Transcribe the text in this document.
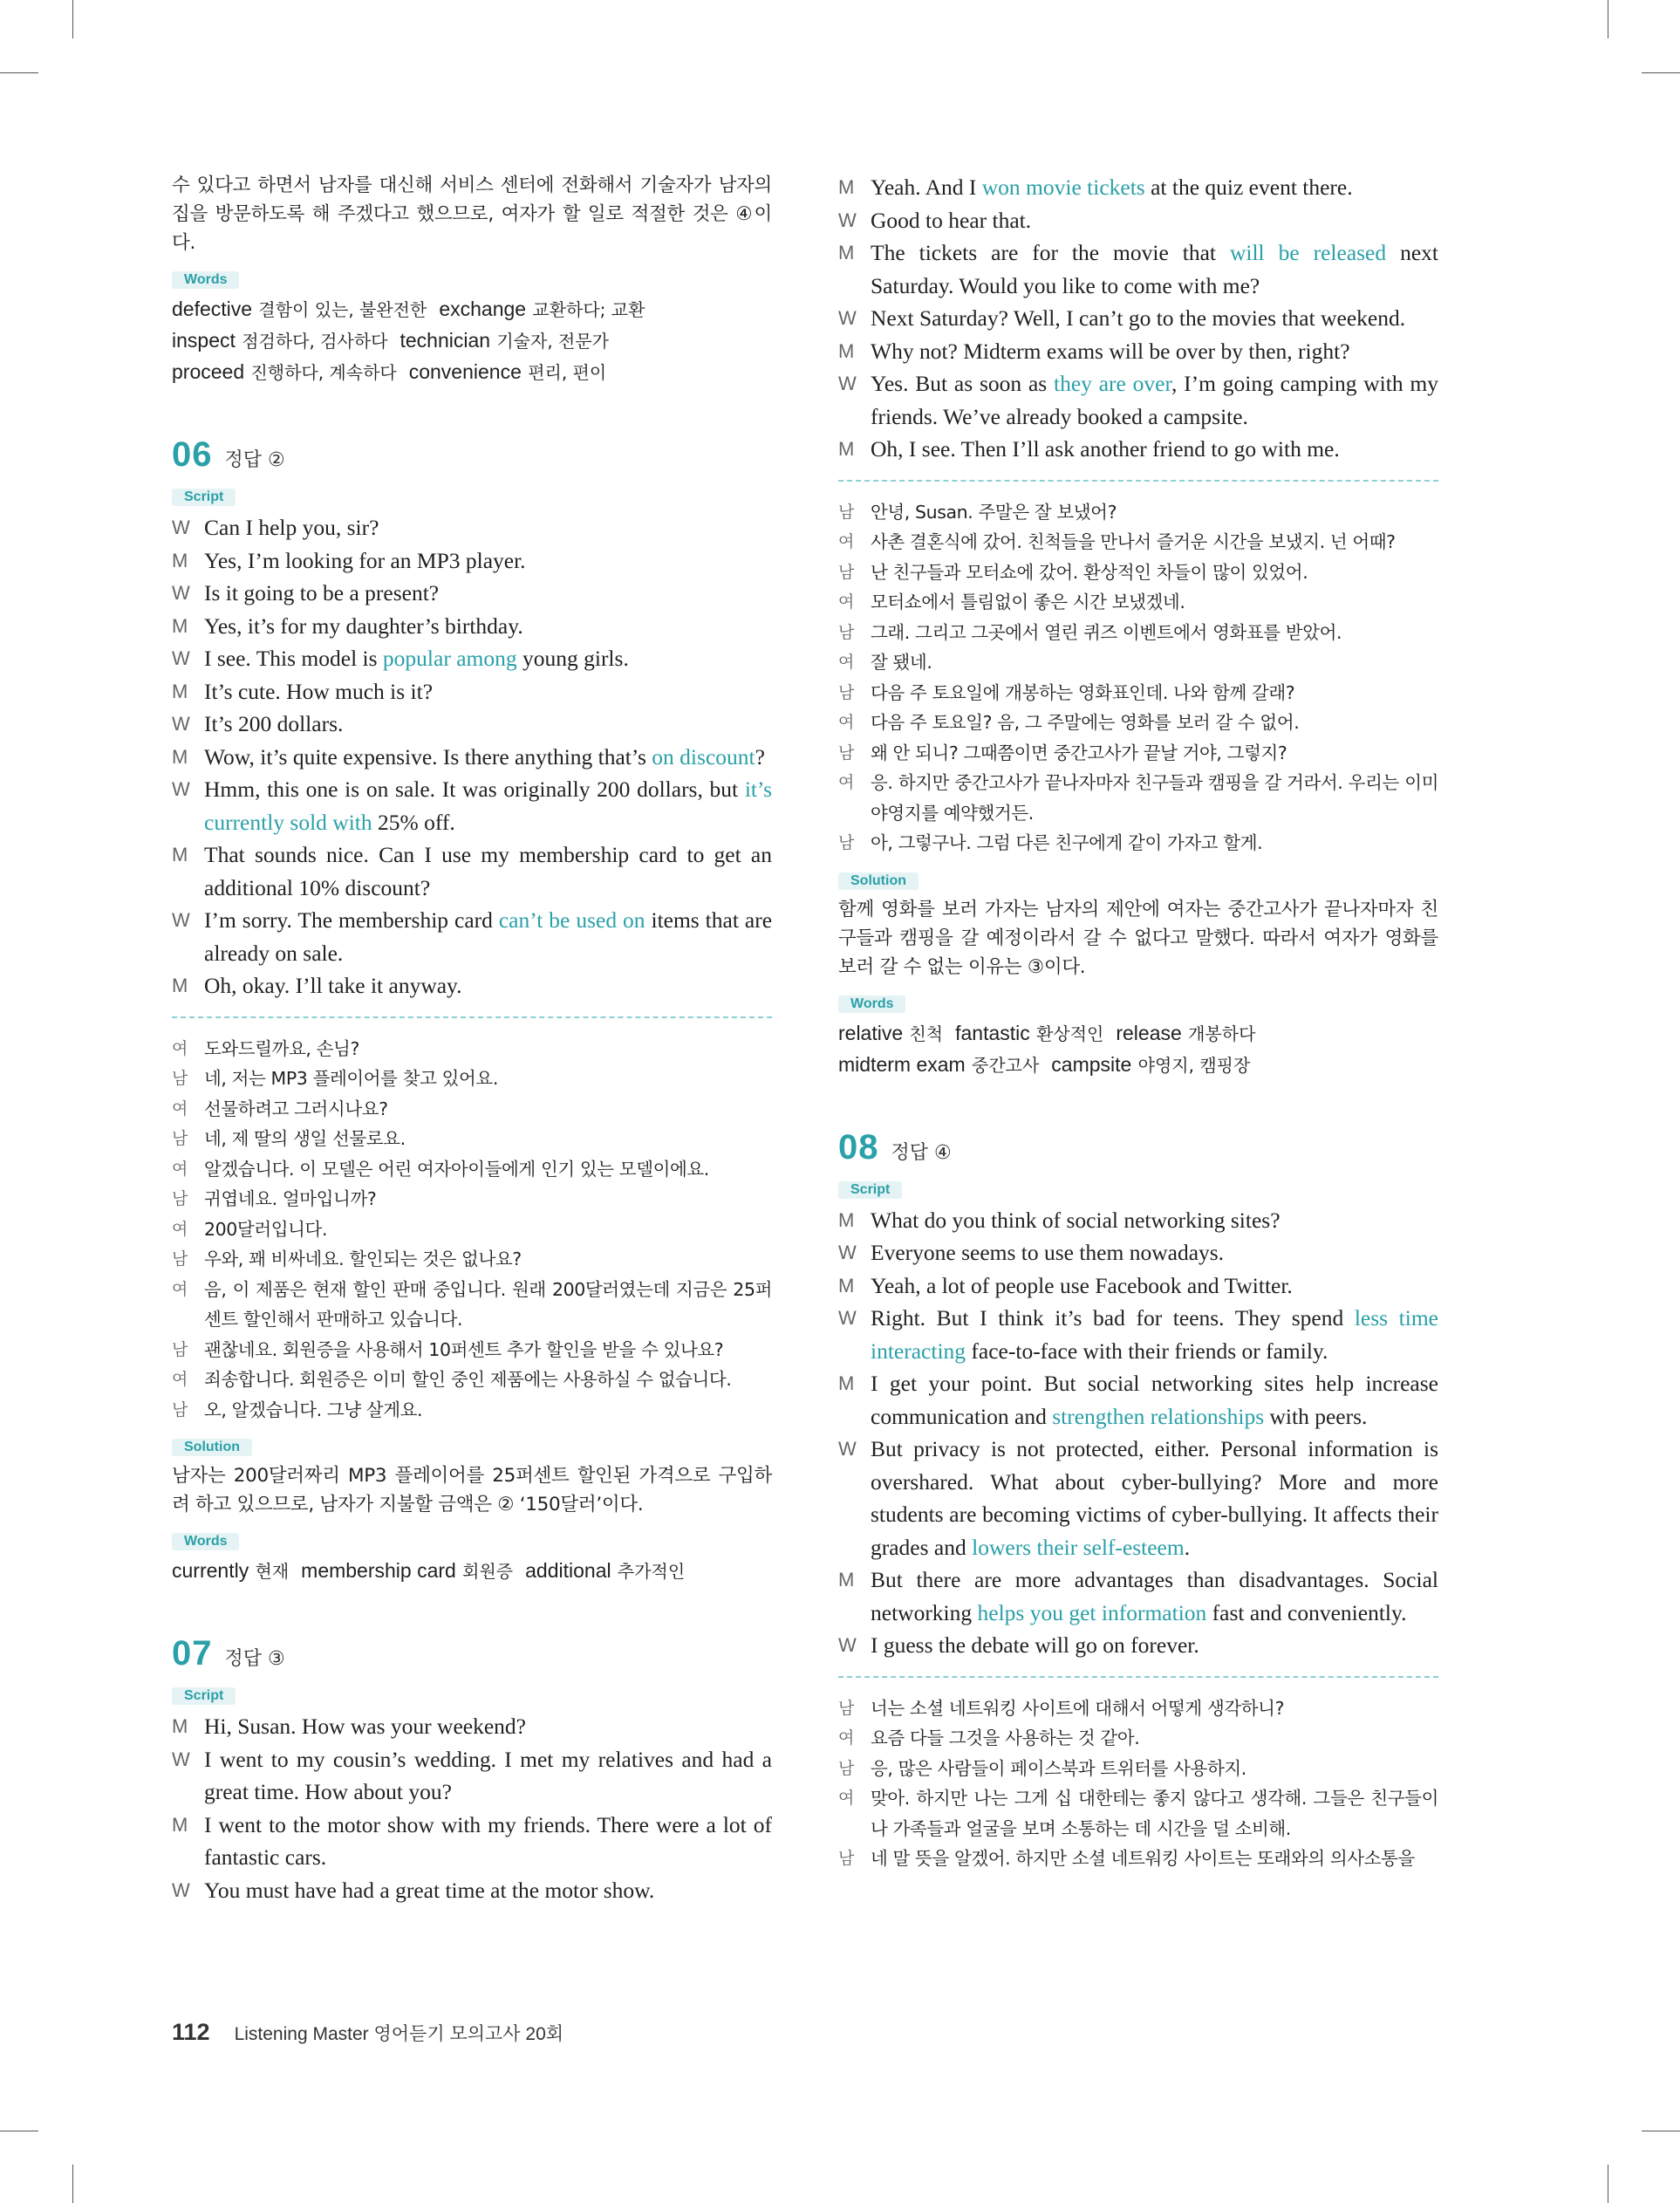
수 있다고 하면서 남자를 대신해 서비스 센터에 전화해서 기술자가 남자의 집을 방문하도록 해 주겠다고 했으므로, 여자가 할 일로 적절한 것은 ④이다.

Words
defective 결함이 있는, 불완전한 exchange 교환하다; 교환
inspect 점검하다, 검사하다 technician 기술자, 전문가
proceed 진행하다, 계속하다 convenience 편리, 편이
06 정답 ②
Script
W Can I help you, sir?
M Yes, I’m looking for an MP3 player.
W Is it going to be a present?
M Yes, it’s for my daughter’s birthday.
W I see. This model is popular among young girls.
M It’s cute. How much is it?
W It’s 200 dollars.
M Wow, it’s quite expensive. Is there anything that’s on discount?
W Hmm, this one is on sale. It was originally 200 dollars, but it’s currently sold with 25% off.
M That sounds nice. Can I use my membership card to get an additional 10% discount?
W I’m sorry. The membership card can’t be used on items that are already on sale.
M Oh, okay. I’ll take it anyway.
여 도와드릴까요, 손님?
남 네, 저는 MP3 플레이어를 찾고 있어요.
여 선물하려고 그러시나요?
남 네, 제 딸의 생일 선물로요.
여 알겠습니다. 이 모델은 어린 여자아이들에게 인기 있는 모델이에요.
남 귀엽네요. 얼마입니까?
여 200달러입니다.
남 우와, 꽤 비싸네요. 할인되는 것은 없나요?
여 음, 이 제품은 현재 할인 판매 중입니다. 원래 200달러였는데 지금은 25퍼센트 할인해서 판매하고 있습니다.
남 괜찮네요. 회원증을 사용해서 10퍼센트 추가 할인을 받을 수 있나요?
여 죄송합니다. 회원증은 이미 할인 중인 제품에는 사용하실 수 없습니다.
남 오, 알겠습니다. 그냥 살게요.
Solution

남자는 200달러짜리 MP3 플레이어를 25퍼센트 할인된 가격으로 구입하려 하고 있으므로, 남자가 지불할 금액은 ② ‘150달러’이다.

Words
currently 현재 membership card 회원증 additional 추가적인
07 정답 ③
Script
M Hi, Susan. How was your weekend?
W I went to my cousin’s wedding. I met my relatives and had a great time. How about you?
M I went to the motor show with my friends. There were a lot of fantastic cars.
W You must have had a great time at the motor show.
M Yeah. And I won movie tickets at the quiz event there.
W Good to hear that.
M The tickets are for the movie that will be released next Saturday. Would you like to come with me?
W Next Saturday? Well, I can’t go to the movies that weekend.
M Why not? Midterm exams will be over by then, right?
W Yes. But as soon as they are over, I’m going camping with my friends. We’ve already booked a campsite.
M Oh, I see. Then I’ll ask another friend to go with me.
남 안녕, Susan. 주말은 잘 보냈어?
여 사촌 결혼식에 갔어. 친척들을 만나서 즐거운 시간을 보냈지. 넌 어때?
남 난 친구들과 모터쇼에 갔어. 환상적인 차들이 많이 있었어.
여 모터쇼에서 틀림없이 좋은 시간 보냈겠네.
남 그래. 그리고 그곳에서 열린 퀴즈 이벤트에서 영화표를 받았어.
여 잘 됐네.
남 다음 주 토요일에 개봉하는 영화표인데. 나와 함께 갈래?
여 다음 주 토요일? 음, 그 주말에는 영화를 보러 갈 수 없어.
남 왜 안 되니? 그때쯤이면 중간고사가 끝날 거야, 그렇지?
여 응. 하지만 중간고사가 끝나자마자 친구들과 캠핑을 갈 거라서. 우리는 이미 야영지를 예약했거든.
남 아, 그렇구나. 그럼 다른 친구에게 같이 가자고 할게.
Solution

함께 영화를 보러 가자는 남자의 제안에 여자는 중간고사가 끝나자마자 친구들과 캠핑을 갈 예정이라서 갈 수 없다고 말했다. 따라서 여자가 영화를 보러 갈 수 없는 이유는 ③이다.

Words
relative 친척 fantastic 환상적인 release 개봉하다
midterm exam 중간고사 campsite 야영지, 캠핑장
08 정답 ④
Script
M What do you think of social networking sites?
W Everyone seems to use them nowadays.
M Yeah, a lot of people use Facebook and Twitter.
W Right. But I think it’s bad for teens. They spend less time interacting face-to-face with their friends or family.
M I get your point. But social networking sites help increase communication and strengthen relationships with peers.
W But privacy is not protected, either. Personal information is overshared. What about cyber-bullying? More and more students are becoming victims of cyber-bullying. It affects their grades and lowers their self-esteem.
M But there are more advantages than disadvantages. Social networking helps you get information fast and conveniently.
W I guess the debate will go on forever.
남 너는 소셜 네트워킹 사이트에 대해서 어떻게 생각하니?
여 요즘 다들 그것을 사용하는 것 같아.
남 응, 많은 사람들이 페이스북과 트위터를 사용하지.
여 맞아. 하지만 나는 그게 십 대한테는 좋지 않다고 생각해. 그들은 친구들이나 가족들과 얼굴을 보며 소통하는 데 시간을 덜 소비해.
남 네 말 뜻을 알겠어. 하지만 소셜 네트워킹 사이트는 또래와의 의사소통을
112 Listening Master 영어듣기 모의고사 20회
